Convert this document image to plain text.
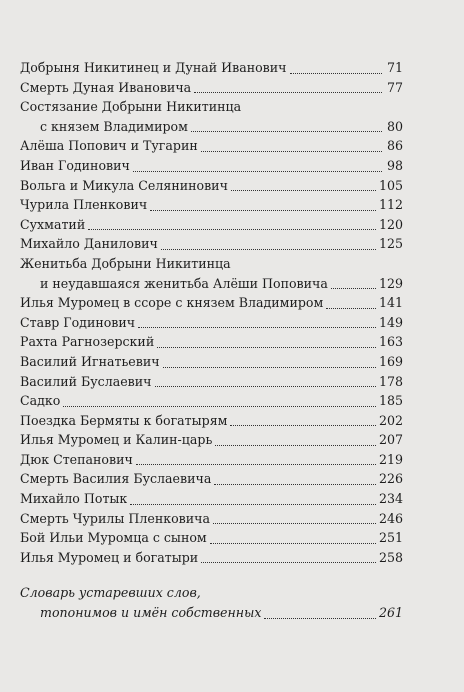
Добрыня Никитинец и Дунай Иванович	71
Смерть Дуная Ивановича	77
Состязание Добрыни Никитинца
с князем Владимиром	80
Алёша Попович и Тугарин	86
Иван Годинович	98
Вольга и Микула Селянинович	105
Чурила Пленкович	112
Сухматий	120
Михайло Данилович	125
Женитьба Добрыни Никитинца
и неудавшаяся женитьба Алёши Поповича	129
Илья Муромец в ссоре с князем Владимиром	141
Ставр Годинович	149
Рахта Рагнозерский	163
Василий Игнатьевич	169
Василий Буслаевич	178
Садко	185
Поездка Бермяты к богатырям	202
Илья Муромец и Калин-царь	207
Дюк Степанович	219
Смерть Василия Буслаевича	226
Михайло Потык	234
Смерть Чурилы Пленковича	246
Бой Ильи Муромца с сыном	251
Илья Муромец и богатыри	258
Словарь устаревших слов,
топонимов и имён собственных	261
